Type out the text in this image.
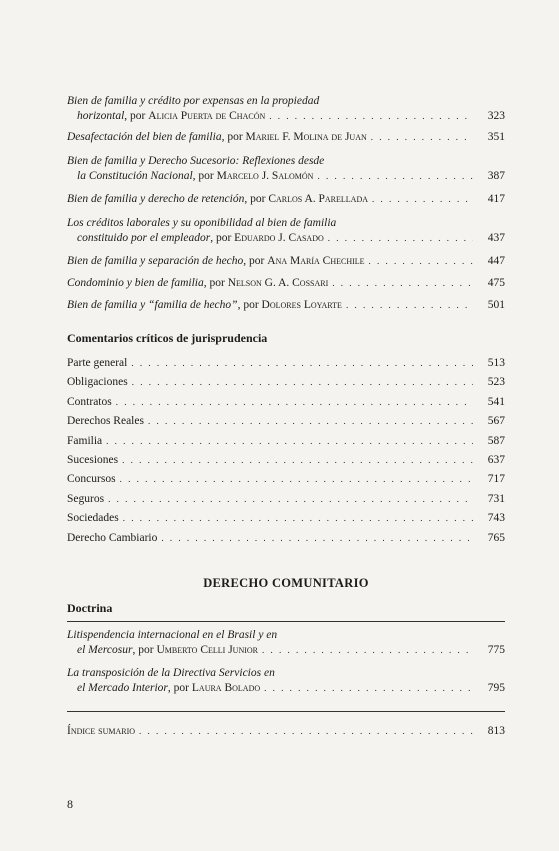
Bien de familia y crédito por expensas en la propiedad
horizontal, por Alicia Puerta de Chacón . . .	323
Desafectación del bien de familia, por Mariel F. Molina de Juan . . .	351
Bien de familia y Derecho Sucesorio: Reflexiones desde
la Constitución Nacional, por Marcelo J. Salomón . . .	387
Bien de familia y derecho de retención, por Carlos A. Parellada . . .	417
Los créditos laborales y su oponibilidad al bien de familia
constituido por el empleador, por Eduardo J. Casado . . .	437
Bien de familia y separación de hecho, por Ana María Chechile . . .	447
Condominio y bien de familia, por Nelson G. A. Cossari . . .	475
Bien de familia y “familia de hecho”, por Dolores Loyarte . . .	501
Comentarios críticos de jurisprudencia
Parte general . . .	513
Obligaciones . . .	523
Contratos . . .	541
Derechos Reales . . .	567
Familia . . .	587
Sucesiones . . .	637
Concursos . . .	717
Seguros . . .	731
Sociedades . . .	743
Derecho Cambiario . . .	765
DERECHO COMUNITARIO
Doctrina
Litispendencia internacional en el Brasil y en
el Mercosur, por Umberto Celli Junior . . .	775
La transposición de la Directiva Servicios en
el Mercado Interior, por Laura Bolado . . .	795
Índice sumario . . .	813
8
